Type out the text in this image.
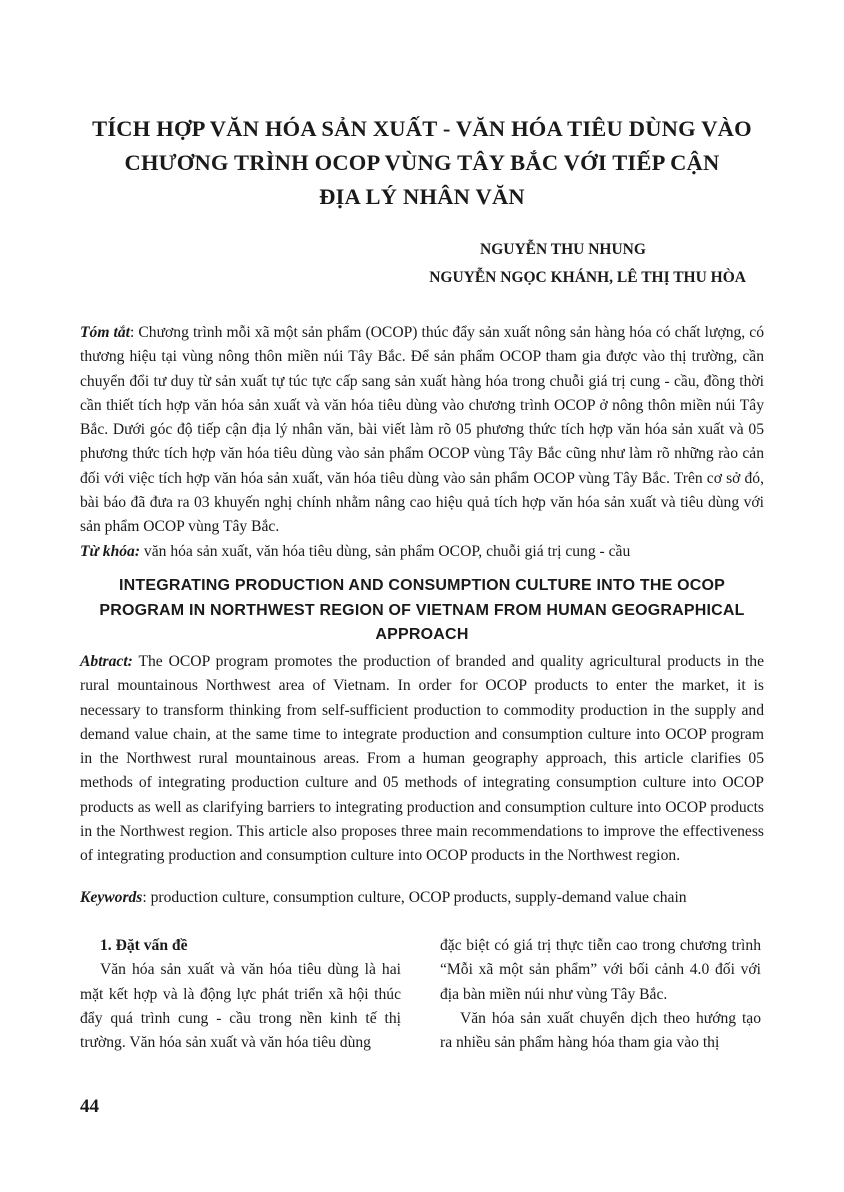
TÍCH HỢP VĂN HÓA SẢN XUẤT - VĂN HÓA TIÊU DÙNG VÀO
CHƯƠNG TRÌNH OCOP VÙNG TÂY BẮC VỚI TIẾP CẬN
ĐỊA LÝ NHÂN VĂN
NGUYỄN THU NHUNG
NGUYỄN NGỌC KHÁNH, LÊ THỊ THU HÒA
Tóm tắt: Chương trình mỗi xã một sản phẩm (OCOP) thúc đẩy sản xuất nông sản hàng hóa có chất lượng, có thương hiệu tại vùng nông thôn miền núi Tây Bắc. Để sản phẩm OCOP tham gia được vào thị trường, cần chuyển đổi tư duy từ sản xuất tự túc tực cấp sang sản xuất hàng hóa trong chuỗi giá trị cung - cầu, đồng thời cần thiết tích hợp văn hóa sản xuất và văn hóa tiêu dùng vào chương trình OCOP ở nông thôn miền núi Tây Bắc. Dưới góc độ tiếp cận địa lý nhân văn, bài viết làm rõ 05 phương thức tích hợp văn hóa sản xuất và 05 phương thức tích hợp văn hóa tiêu dùng vào sản phẩm OCOP vùng Tây Bắc cũng như làm rõ những rào cản đối với việc tích hợp văn hóa sản xuất, văn hóa tiêu dùng vào sản phẩm OCOP vùng Tây Bắc. Trên cơ sở đó, bài báo đã đưa ra 03 khuyến nghị chính nhằm nâng cao hiệu quả tích hợp văn hóa sản xuất và tiêu dùng với sản phẩm OCOP vùng Tây Bắc.
Từ khóa: văn hóa sản xuất, văn hóa tiêu dùng, sản phẩm OCOP, chuỗi giá trị cung - cầu
INTEGRATING PRODUCTION AND CONSUMPTION CULTURE INTO THE OCOP
PROGRAM IN NORTHWEST REGION OF VIETNAM FROM HUMAN GEOGRAPHICAL
APPROACH
Abtract: The OCOP program promotes the production of branded and quality agricultural products in the rural mountainous Northwest area of Vietnam. In order for OCOP products to enter the market, it is necessary to transform thinking from self-sufficient production to commodity production in the supply and demand value chain, at the same time to integrate production and consumption culture into OCOP program in the Northwest rural mountainous areas. From a human geography approach, this article clarifies 05 methods of integrating production culture and 05 methods of integrating consumption culture into OCOP products as well as clarifying barriers to integrating production and consumption culture into OCOP products in the Northwest region. This article also proposes three main recommendations to improve the effectiveness of integrating production and consumption culture into OCOP products in the Northwest region.
Keywords: production culture, consumption culture, OCOP products, supply-demand value chain

1. Đặt vấn đề

Văn hóa sản xuất và văn hóa tiêu dùng là hai mặt kết hợp và là động lực phát triển xã hội thúc đẩy quá trình cung - cầu trong nền kinh tế thị trường. Văn hóa sản xuất và văn hóa tiêu dùng

đặc biệt có giá trị thực tiễn cao trong chương trình “Mỗi xã một sản phẩm” với bối cảnh 4.0 đối với địa bàn miền núi như vùng Tây Bắc.

Văn hóa sản xuất chuyển dịch theo hướng tạo ra nhiều sản phẩm hàng hóa tham gia vào thị

44
